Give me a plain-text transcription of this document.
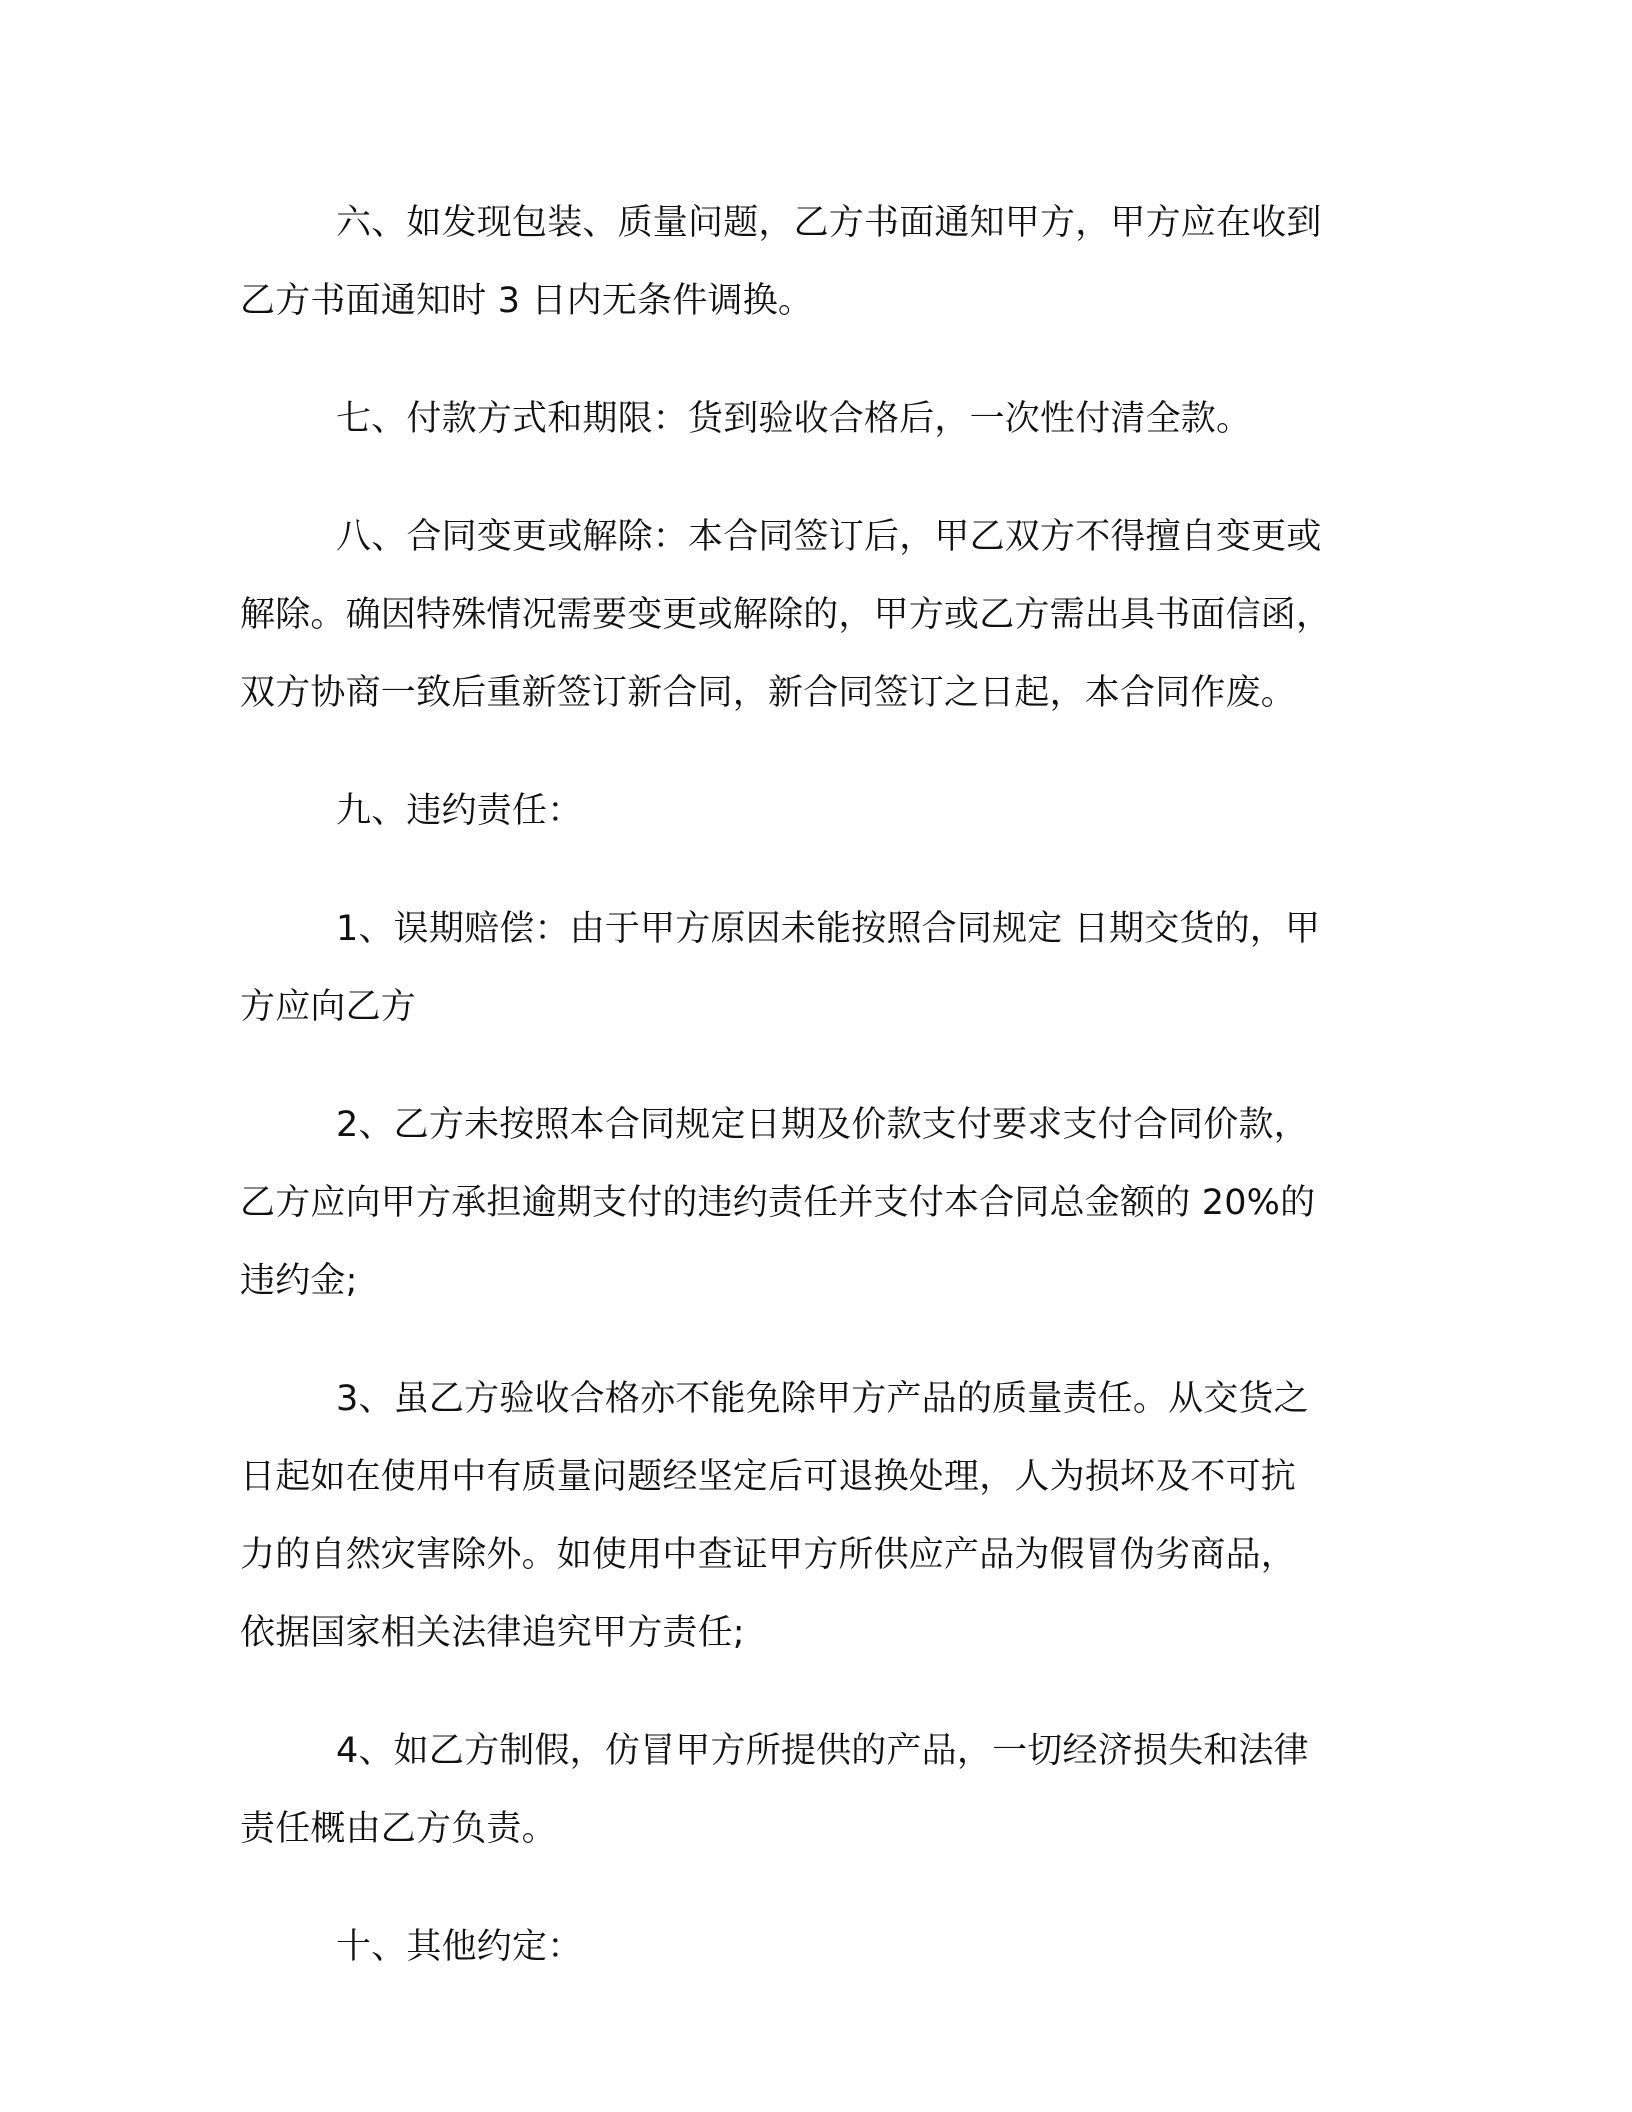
六、如发现包装、质量问题，乙方书面通知甲方，甲方应在收到
乙方书面通知时 3 日内无条件调换。

七、付款方式和期限：货到验收合格后，一次性付清全款。

八、合同变更或解除：本合同签订后，甲乙双方不得擅自变更或
解除。确因特殊情况需要变更或解除的，甲方或乙方需出具书面信函，
双方协商一致后重新签订新合同，新合同签订之日起，本合同作废。

九、违约责任：

1、误期赔偿：由于甲方原因未能按照合同规定 日期交货的，甲
方应向乙方

2、乙方未按照本合同规定日期及价款支付要求支付合同价款，
乙方应向甲方承担逾期支付的违约责任并支付本合同总金额的 20%的
违约金;

3、虽乙方验收合格亦不能免除甲方产品的质量责任。从交货之
日起如在使用中有质量问题经坚定后可退换处理，人为损坏及不可抗
力的自然灾害除外。如使用中查证甲方所供应产品为假冒伪劣商品，
依据国家相关法律追究甲方责任;

4、如乙方制假，仿冒甲方所提供的产品，一切经济损失和法律
责任概由乙方负责。

十、其他约定：
